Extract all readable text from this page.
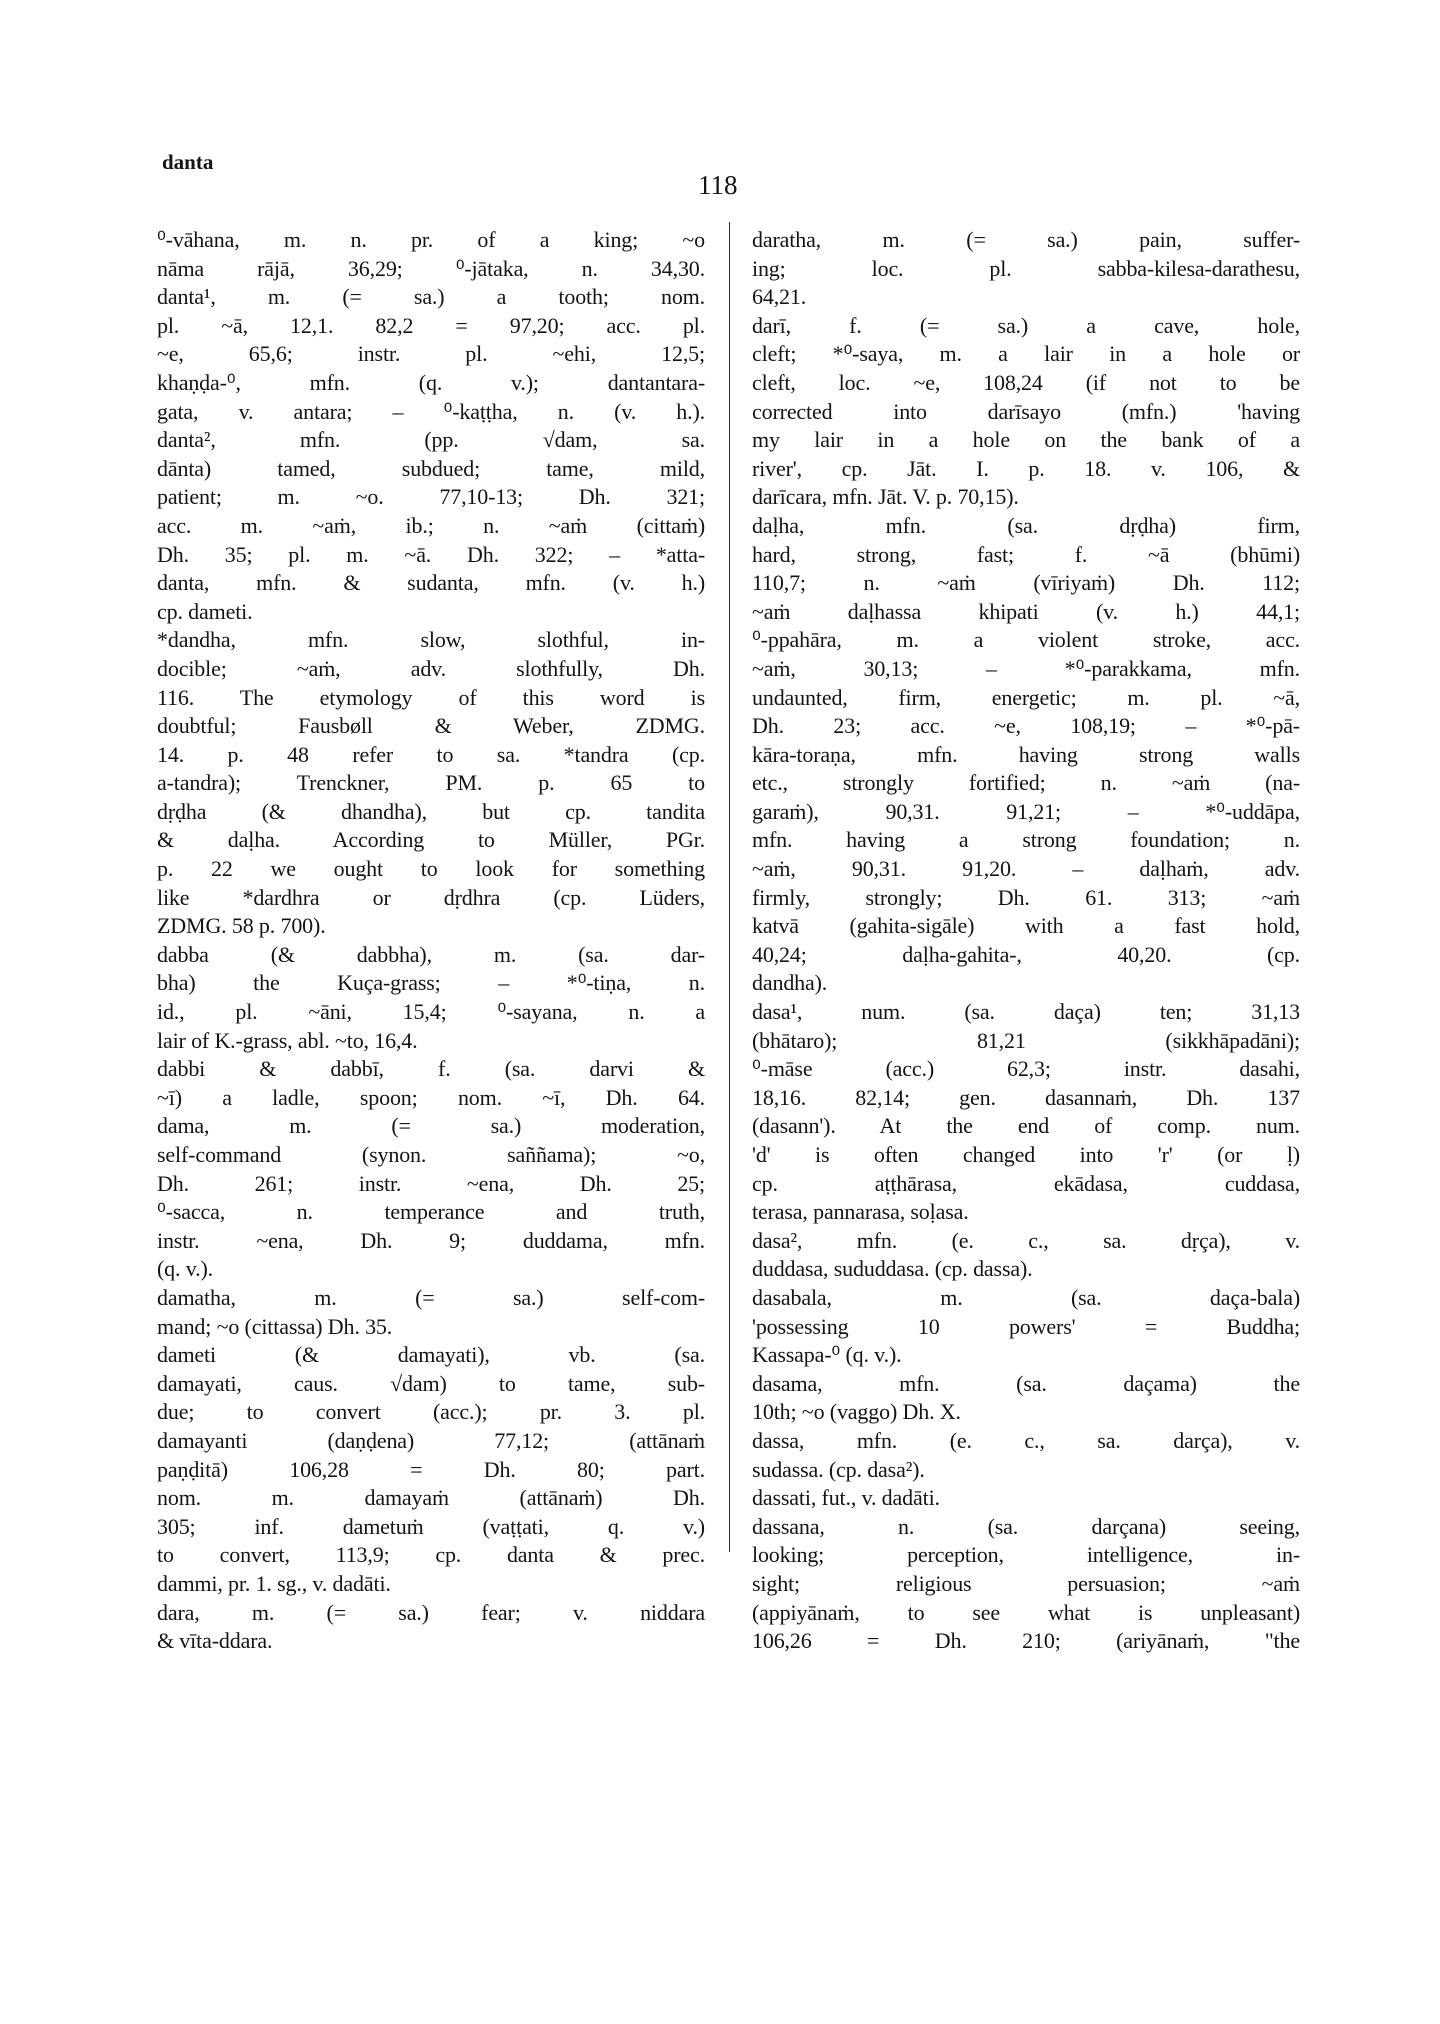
danta
118
⁰-vāhana, m. n. pr. of a king; ~o
nāma rājā, 36,29; ⁰-jātaka, n. 34,30.
danta¹, m. (= sa.) a tooth; nom.
pl. ~ā, 12,1. 82,2 = 97,20; acc. pl.
~e, 65,6; instr. pl. ~ehi, 12,5;
khaṇḍa-⁰, mfn. (q. v.); dantantara-
gata, v. antara; – ⁰-kaṭṭha, n. (v. h.).
danta², mfn. (pp. √dam, sa.
dānta) tamed, subdued; tame, mild,
patient; m. ~o. 77,10-13; Dh. 321;
acc. m. ~aṁ, ib.; n. ~aṁ (cittaṁ)
Dh. 35; pl. m. ~ā. Dh. 322; – *atta-
danta, mfn. & sudanta, mfn. (v. h.)
cp. dameti.
*dandha, mfn. slow, slothful, in-
docible; ~aṁ, adv. slothfully, Dh.
116. The etymology of this word is
doubtful; Fausbøll & Weber, ZDMG.
14. p. 48 refer to sa. *tandra (cp.
a-tandra); Trenckner, PM. p. 65 to
dṛḍha (& dhandha), but cp. tandita
& daḷha. According to Müller, PGr.
p. 22 we ought to look for something
like *dardhra or dṛdhra (cp. Lüders,
ZDMG. 58 p. 700).
dabba (& dabbha), m. (sa. dar-
bha) the Kuça-grass; – *⁰-tiṇa, n.
id., pl. ~āni, 15,4; ⁰-sayana, n. a
lair of K.-grass, abl. ~to, 16,4.
dabbi & dabbī, f. (sa. darvi &
~ī) a ladle, spoon; nom. ~ī, Dh. 64.
dama, m. (= sa.) moderation,
self-command (synon. saññama); ~o,
Dh. 261; instr. ~ena, Dh. 25;
⁰-sacca, n. temperance and truth,
instr. ~ena, Dh. 9; duddama, mfn.
(q. v.).
damatha, m. (= sa.) self-com-
mand; ~o (cittassa) Dh. 35.
dameti (& damayati), vb. (sa.
damayati, caus. √dam) to tame, sub-
due; to convert (acc.); pr. 3. pl.
damayanti (daṇḍena) 77,12; (attānaṁ
paṇḍitā) 106,28 = Dh. 80; part.
nom. m. damayaṁ (attānaṁ) Dh.
305; inf. dametuṁ (vaṭṭati, q. v.)
to convert, 113,9; cp. danta & prec.
dammi, pr. 1. sg., v. dadāti.
dara, m. (= sa.) fear; v. niddara
& vīta-ddara.
daratha, m. (= sa.) pain, suffer-
ing; loc. pl. sabba-kilesa-darathesu,
64,21.
darī, f. (= sa.) a cave, hole,
cleft; *⁰-saya, m. a lair in a hole or
cleft, loc. ~e, 108,24 (if not to be
corrected into darīsayo (mfn.) 'having
my lair in a hole on the bank of a
river', cp. Jāt. I. p. 18. v. 106, &
darīcara, mfn. Jāt. V. p. 70,15).
daḷha, mfn. (sa. dṛḍha) firm,
hard, strong, fast; f. ~ā (bhūmi)
110,7; n. ~aṁ (vīriyaṁ) Dh. 112;
~aṁ daḷhassa khipati (v. h.) 44,1;
⁰-ppahāra, m. a violent stroke, acc.
~aṁ, 30,13; – *⁰-parakkama, mfn.
undaunted, firm, energetic; m. pl. ~ā,
Dh. 23; acc. ~e, 108,19; – *⁰-pā-
kāra-toraṇa, mfn. having strong walls
etc., strongly fortified; n. ~aṁ (na-
garaṁ), 90,31. 91,21; – *⁰-uddāpa,
mfn. having a strong foundation; n.
~aṁ, 90,31. 91,20. – daḷhaṁ, adv.
firmly, strongly; Dh. 61. 313; ~aṁ
katvā (gahita-sigāle) with a fast hold,
40,24; daḷha-gahita-, 40,20. (cp.
dandha).
dasa¹, num. (sa. daça) ten; 31,13
(bhātaro); 81,21 (sikkhāpadāni);
⁰-māse (acc.) 62,3; instr. dasahi,
18,16. 82,14; gen. dasannaṁ, Dh. 137
(dasann'). At the end of comp. num.
'd' is often changed into 'r' (or ḷ)
cp. aṭṭhārasa, ekādasa, cuddasa,
terasa, pannarasa, soḷasa.
dasa², mfn. (e. c., sa. dṛça), v.
duddasa, sududdasa. (cp. dassa).
dasabala, m. (sa. daça-bala)
'possessing 10 powers' = Buddha;
Kassapa-⁰ (q. v.).
dasama, mfn. (sa. daçama) the
10th; ~o (vaggo) Dh. X.
dassa, mfn. (e. c., sa. darça), v.
sudassa. (cp. dasa²).
dassati, fut., v. dadāti.
dassana, n. (sa. darçana) seeing,
looking; perception, intelligence, in-
sight; religious persuasion; ~aṁ
(appiyānaṁ, to see what is unpleasant)
106,26 = Dh. 210; (ariyānaṁ, "the
